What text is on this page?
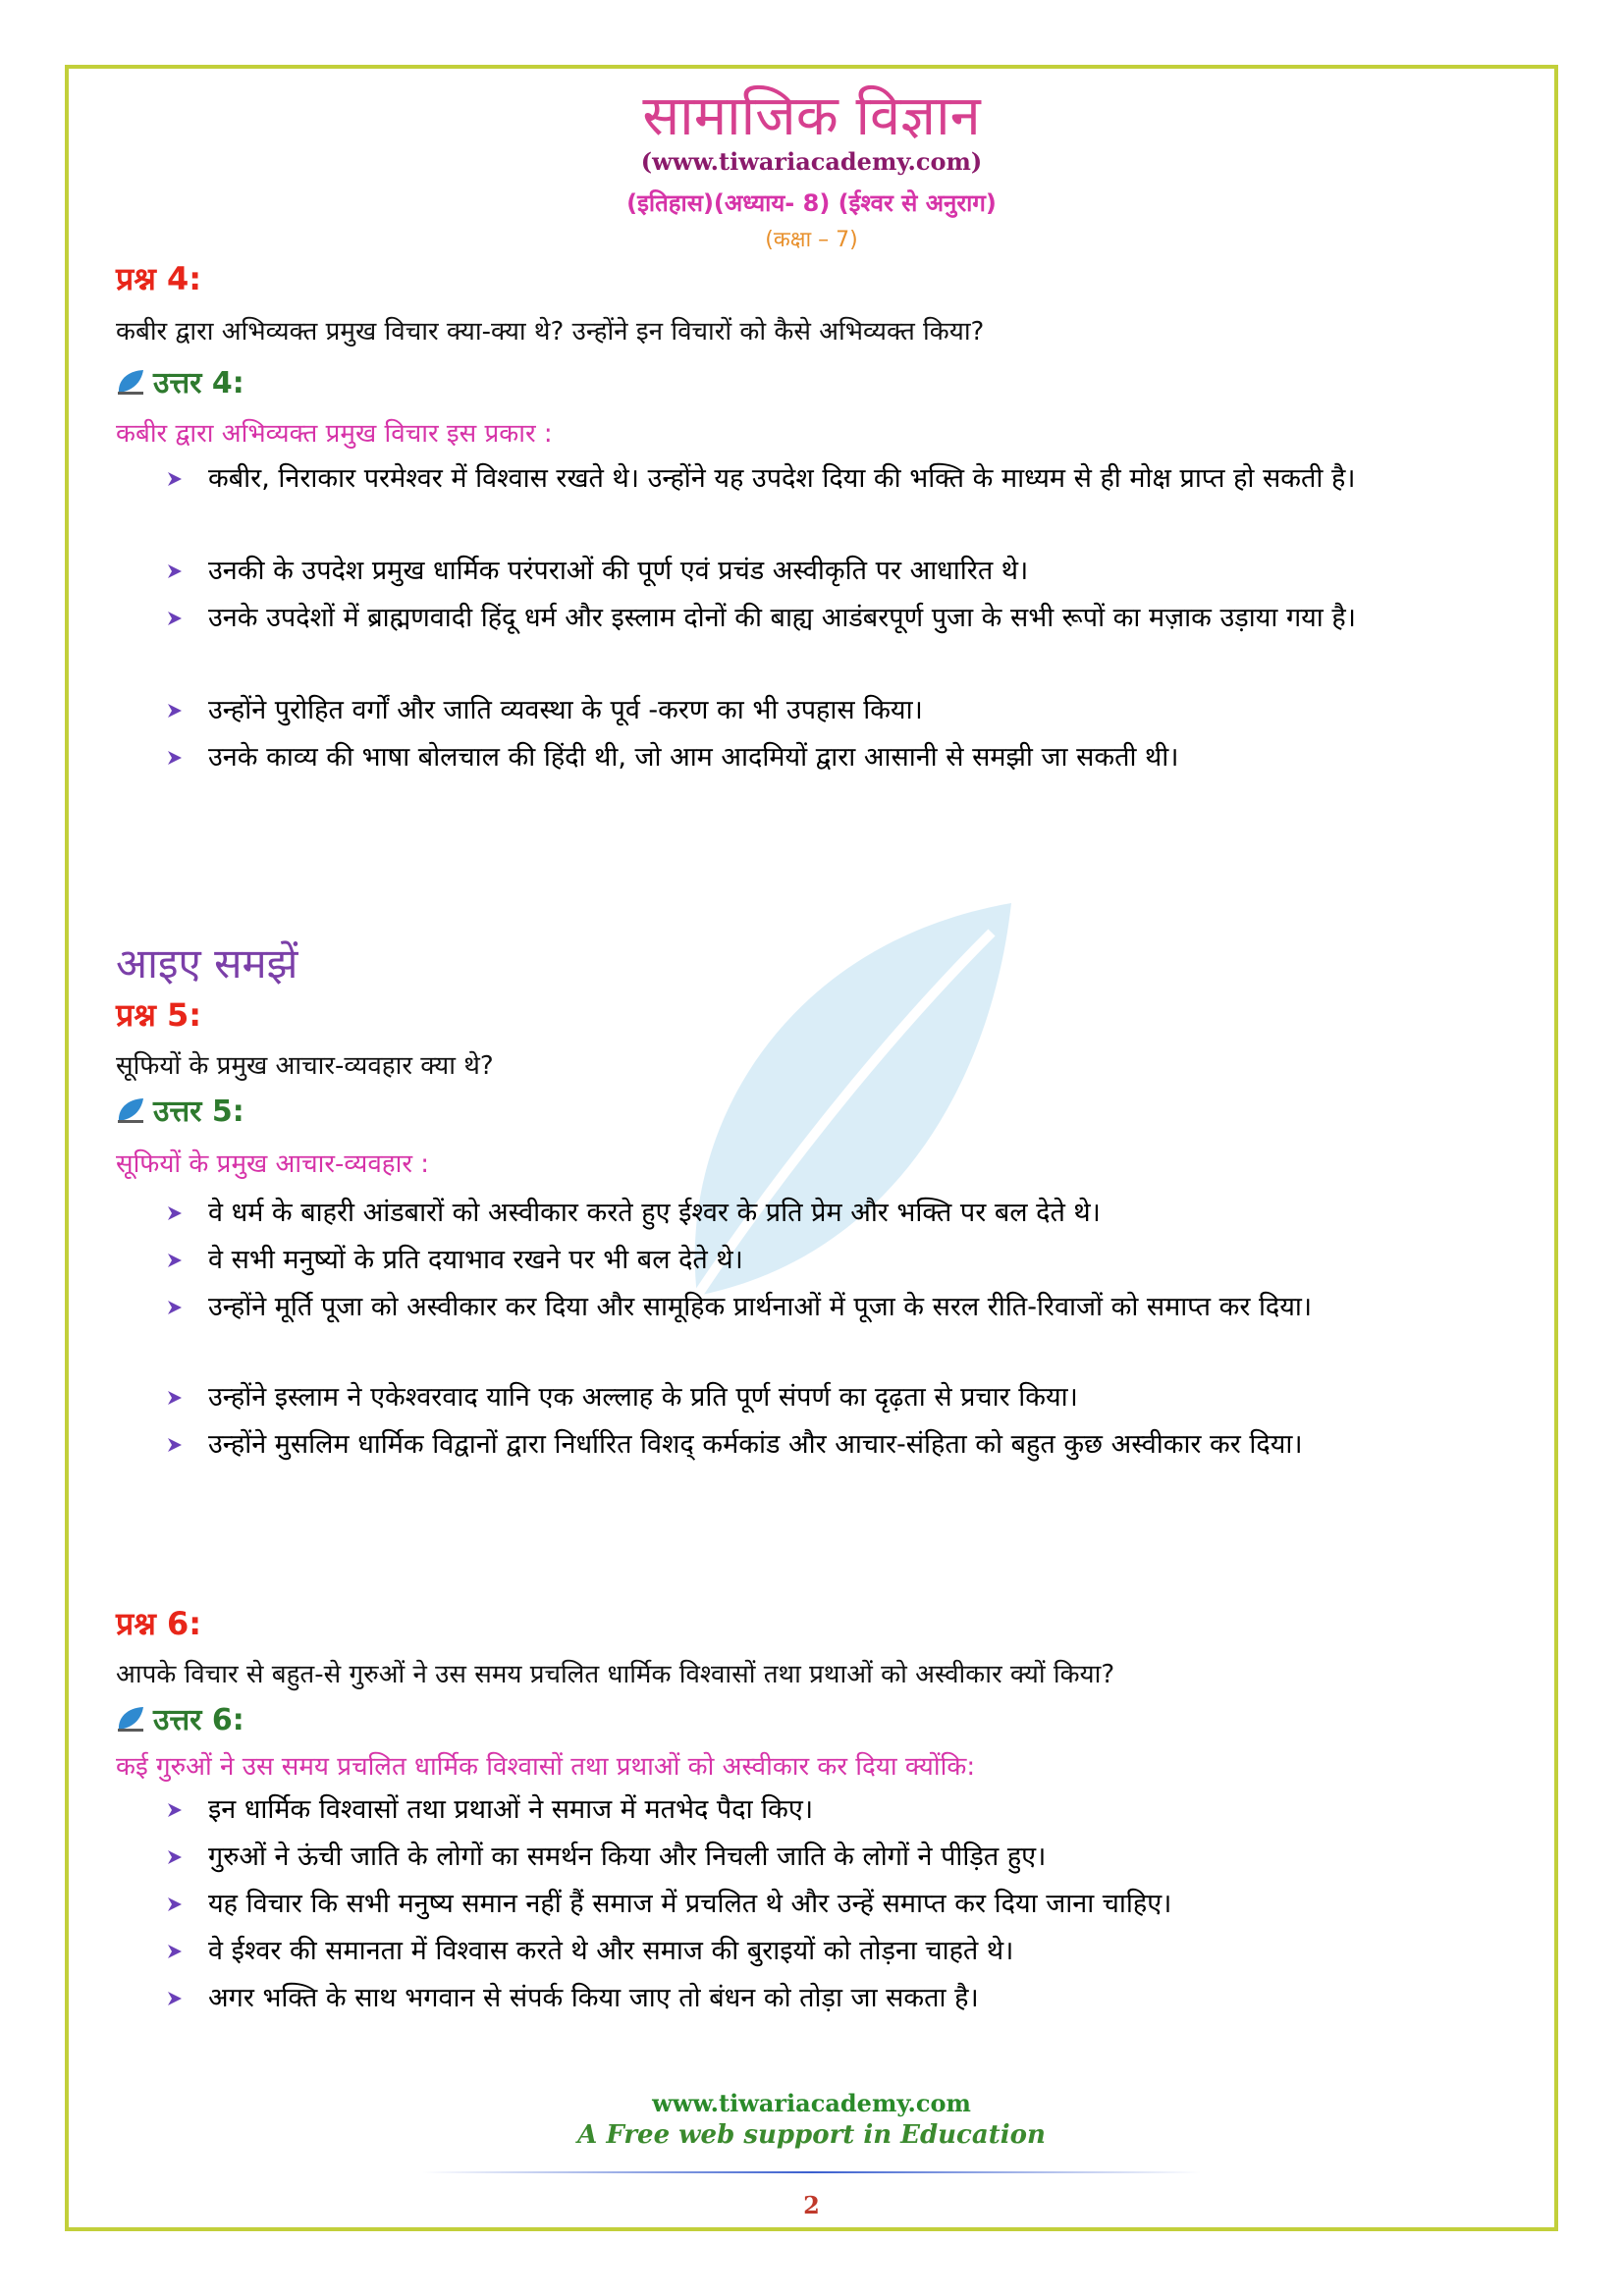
सामाजिक विज्ञान
(www.tiwariacademy.com)
(इतिहास)(अध्याय- 8) (ईश्वर से अनुराग)
(कक्षा – 7)
प्रश्न 4:
कबीर द्वारा अभिव्यक्त प्रमुख विचार क्या-क्या थे? उन्होंने इन विचारों को कैसे अभिव्यक्त किया?
उत्तर 4:
कबीर द्वारा अभिव्यक्त प्रमुख विचार इस प्रकार :
कबीर, निराकार परमेश्वर में विश्वास रखते थे। उन्होंने यह उपदेश दिया की भक्ति के माध्यम से ही मोक्ष प्राप्त हो सकती है।
उनकी के उपदेश प्रमुख धार्मिक परंपराओं की पूर्ण एवं प्रचंड अस्वीकृति पर आधारित थे।
उनके उपदेशों में ब्राह्मणवादी हिंदू धर्म और इस्लाम दोनों की बाह्य आडंबरपूर्ण पुजा के सभी रूपों का मज़ाक उड़ाया गया है।
उन्होंने पुरोहित वर्गों और जाति व्यवस्था के पूर्व -करण का भी उपहास किया।
उनके काव्य की भाषा बोलचाल की हिंदी थी, जो आम आदमियों द्वारा आसानी से समझी जा सकती थी।
आइए समझें
प्रश्न 5:
सूफियों के प्रमुख आचार-व्यवहार क्या थे?
उत्तर 5:
सूफियों के प्रमुख आचार-व्यवहार :
वे धर्म के बाहरी आंडबारों को अस्वीकार करते हुए ईश्वर के प्रति प्रेम और भक्ति पर बल देते थे।
वे सभी मनुष्यों के प्रति दयाभाव रखने पर भी बल देते थे।
उन्होंने मूर्ति पूजा को अस्वीकार कर दिया और सामूहिक प्रार्थनाओं में पूजा के सरल रीति-रिवाजों को समाप्त कर दिया।
उन्होंने इस्लाम ने एकेश्वरवाद यानि एक अल्लाह के प्रति पूर्ण संपर्ण का दृढ़ता से प्रचार किया।
उन्होंने मुसलिम धार्मिक विद्वानों द्वारा निर्धारित विशद् कर्मकांड और आचार-संहिता को बहुत कुछ अस्वीकार कर दिया।
प्रश्न 6:
आपके विचार से बहुत-से गुरुओं ने उस समय प्रचलित धार्मिक विश्वासों तथा प्रथाओं को अस्वीकार क्यों किया?
उत्तर 6:
कई गुरुओं ने उस समय प्रचलित धार्मिक विश्वासों तथा प्रथाओं को अस्वीकार कर दिया क्योंकि:
इन धार्मिक विश्वासों तथा प्रथाओं ने समाज में मतभेद पैदा किए।
गुरुओं ने ऊंची जाति के लोगों का समर्थन किया और निचली जाति के लोगों ने पीड़ित हुए।
यह विचार कि सभी मनुष्य समान नहीं हैं समाज में प्रचलित थे और उन्हें समाप्त कर दिया जाना चाहिए।
वे ईश्वर की समानता में विश्वास करते थे और समाज की बुराइयों को तोड़ना चाहते थे।
अगर भक्ति के साथ भगवान से संपर्क किया जाए तो बंधन को तोड़ा जा सकता है।
www.tiwariacademy.com
A Free web support in Education
2
